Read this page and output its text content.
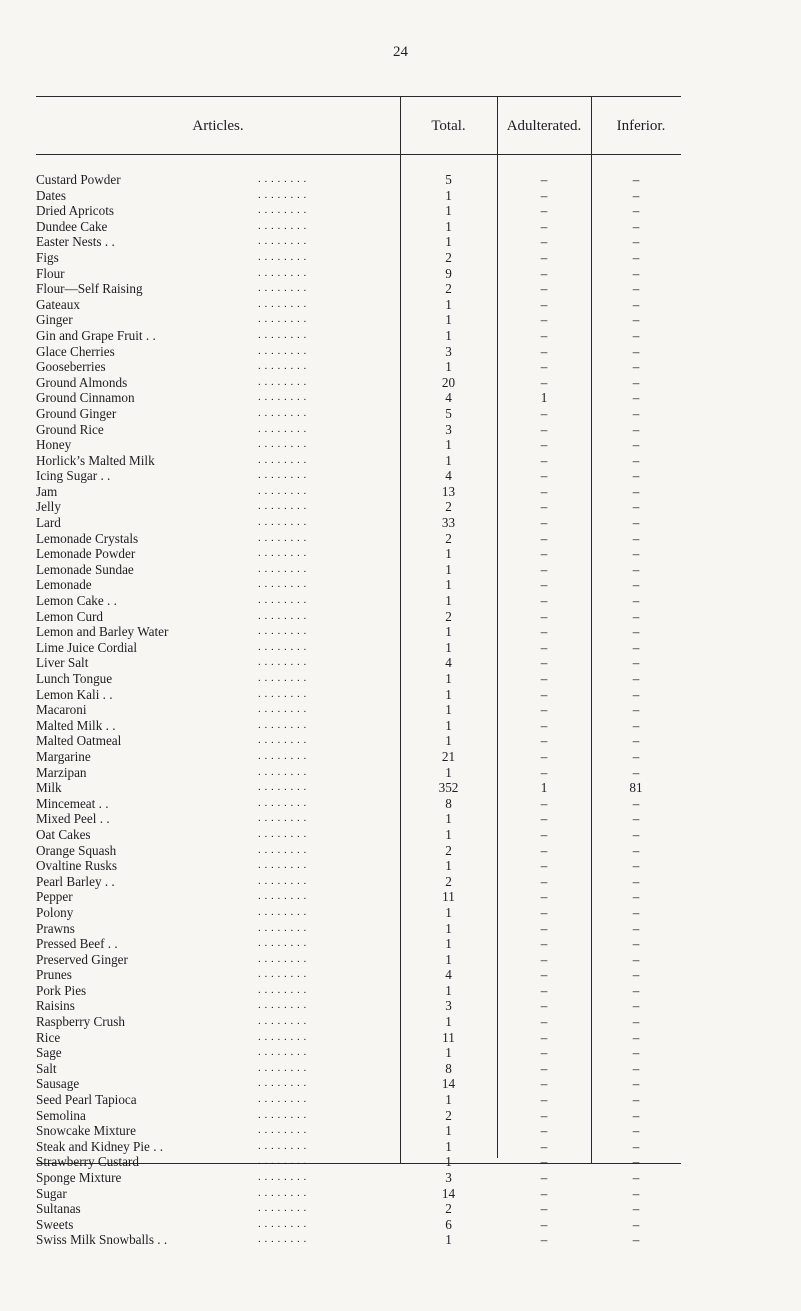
24
Articles.	Total.	Adulterated.	Inferior.
Custard Powder	5	–	–
. . . . . . . .
Dates	1	–	–
. . . . . . . .
Dried Apricots	1	–	–
. . . . . . . .
Dundee Cake	1	–	–
. . . . . . . .
Easter Nests . .	1	–	–
. . . . . . . .
Figs	2	–	–
. . . . . . . .
Flour	9	–	–
. . . . . . . .
Flour—Self Raising	2	–	–
. . . . . . . .
Gateaux	1	–	–
. . . . . . . .
Ginger	1	–	–
. . . . . . . .
Gin and Grape Fruit . .	1	–	–
. . . . . . . .
Glace Cherries	3	–	–
. . . . . . . .
Gooseberries	1	–	–
. . . . . . . .
Ground Almonds	20	–	–
. . . . . . . .
Ground Cinnamon	4	1	–
. . . . . . . .
Ground Ginger	5	–	–
. . . . . . . .
Ground Rice	3	–	–
. . . . . . . .
Honey	1	–	–
. . . . . . . .
Horlick’s Malted Milk	1	–	–
. . . . . . . .
Icing Sugar . .	4	–	–
. . . . . . . .
Jam	13	–	–
. . . . . . . .
Jelly	2	–	–
. . . . . . . .
Lard	33	–	–
. . . . . . . .
Lemonade Crystals	2	–	–
. . . . . . . .
Lemonade Powder	1	–	–
. . . . . . . .
Lemonade Sundae	1	–	–
. . . . . . . .
Lemonade	1	–	–
. . . . . . . .
Lemon Cake . .	1	–	–
. . . . . . . .
Lemon Curd	2	–	–
. . . . . . . .
Lemon and Barley Water	1	–	–
. . . . . . . .
Lime Juice Cordial	1	–	–
. . . . . . . .
Liver Salt	4	–	–
. . . . . . . .
Lunch Tongue	1	–	–
. . . . . . . .
Lemon Kali . .	1	–	–
. . . . . . . .
Macaroni	1	–	–
. . . . . . . .
Malted Milk . .	1	–	–
. . . . . . . .
Malted Oatmeal	1	–	–
. . . . . . . .
Margarine	21	–	–
. . . . . . . .
Marzipan	1	–	–
. . . . . . . .
Milk	352	1	81
. . . . . . . .
Mincemeat . .	8	–	–
. . . . . . . .
Mixed Peel . .	1	–	–
. . . . . . . .
Oat Cakes	1	–	–
. . . . . . . .
Orange Squash	2	–	–
. . . . . . . .
Ovaltine Rusks	1	–	–
. . . . . . . .
Pearl Barley . .	2	–	–
. . . . . . . .
Pepper	11	–	–
. . . . . . . .
Polony	1	–	–
. . . . . . . .
Prawns	1	–	–
. . . . . . . .
Pressed Beef . .	1	–	–
. . . . . . . .
Preserved Ginger	1	–	–
. . . . . . . .
Prunes	4	–	–
. . . . . . . .
Pork Pies	1	–	–
. . . . . . . .
Raisins	3	–	–
. . . . . . . .
Raspberry Crush	1	–	–
. . . . . . . .
Rice	11	–	–
. . . . . . . .
Sage	1	–	–
. . . . . . . .
Salt	8	–	–
. . . . . . . .
Sausage	14	–	–
. . . . . . . .
Seed Pearl Tapioca	1	–	–
. . . . . . . .
Semolina	2	–	–
. . . . . . . .
Snowcake Mixture	1	–	–
. . . . . . . .
Steak and Kidney Pie . .	1	–	–
. . . . . . . .
Strawberry Custard	1	–	–
. . . . . . . .
Sponge Mixture	3	–	–
. . . . . . . .
Sugar	14	–	–
. . . . . . . .
Sultanas	2	–	–
. . . . . . . .
Sweets	6	–	–
. . . . . . . .
Swiss Milk Snowballs . .	1	–	–
. . . . . . . .
